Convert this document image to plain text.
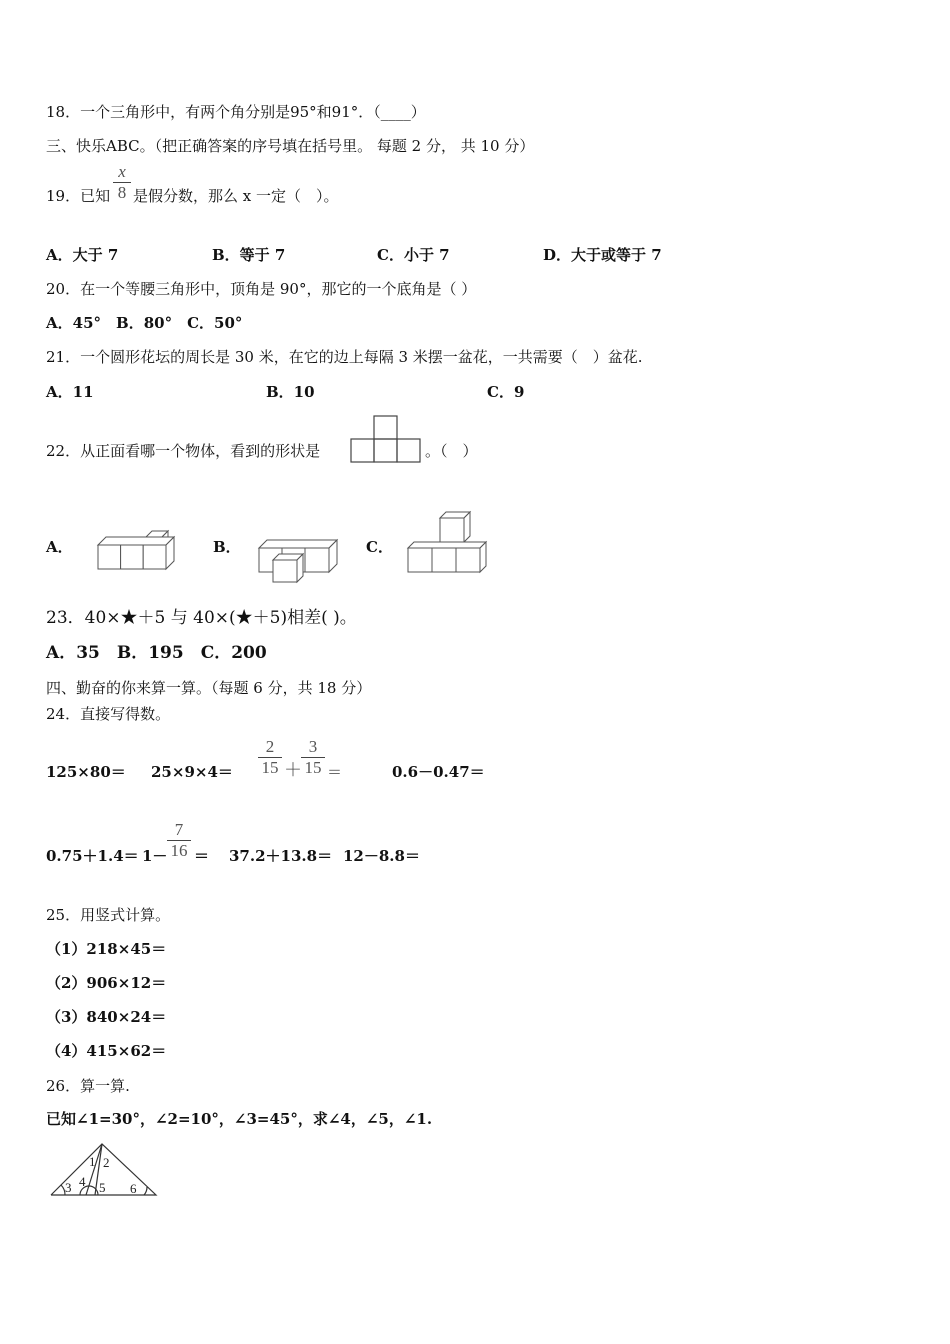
18．一个三角形中，有两个角分别是95°和91°．（____）
三、快乐ABC。（把正确答案的序号填在括号里。 每题 2 分， 共 10 分）
19．已知
x
8 是假分数，那么 x 一定（　）。
A．大于 7	B．等于 7	C．小于 7	D．大于或等于 7
20．在一个等腰三角形中，顶角是 90°，那它的一个底角是（ ）
A．45°　B．80°　C．50°
21．一个圆形花坛的周长是 30 米，在它的边上每隔 3 米摆一盆花，一共需要（　）盆花.
A．11	B．10	C．9
22．从正面看哪一个物体，看到的形状是	。（　）
A．	B．	C．
23．40×★＋5 与 40×(★＋5)相差( )。
A．35　B．195　C．200
四、勤奋的你来算一算。（每题 6 分，共 18 分）
24．直接写得数。
125×80＝ 25×9×4＝
2
15 ＋
3
15 ＝	0.6－0.47＝
0.75＋1.4＝ 1－
7
16 ＝ 37.2＋13.8＝ 12－8.8＝
25．用竖式计算。
（1）218×45＝
（2）906×12＝
（3）840×24＝
（4）415×62＝
26．算一算.
已知∠1=30°，∠2=10°，∠3=45°，求∠4，∠5，∠1.
1 2
3 4 5 6
